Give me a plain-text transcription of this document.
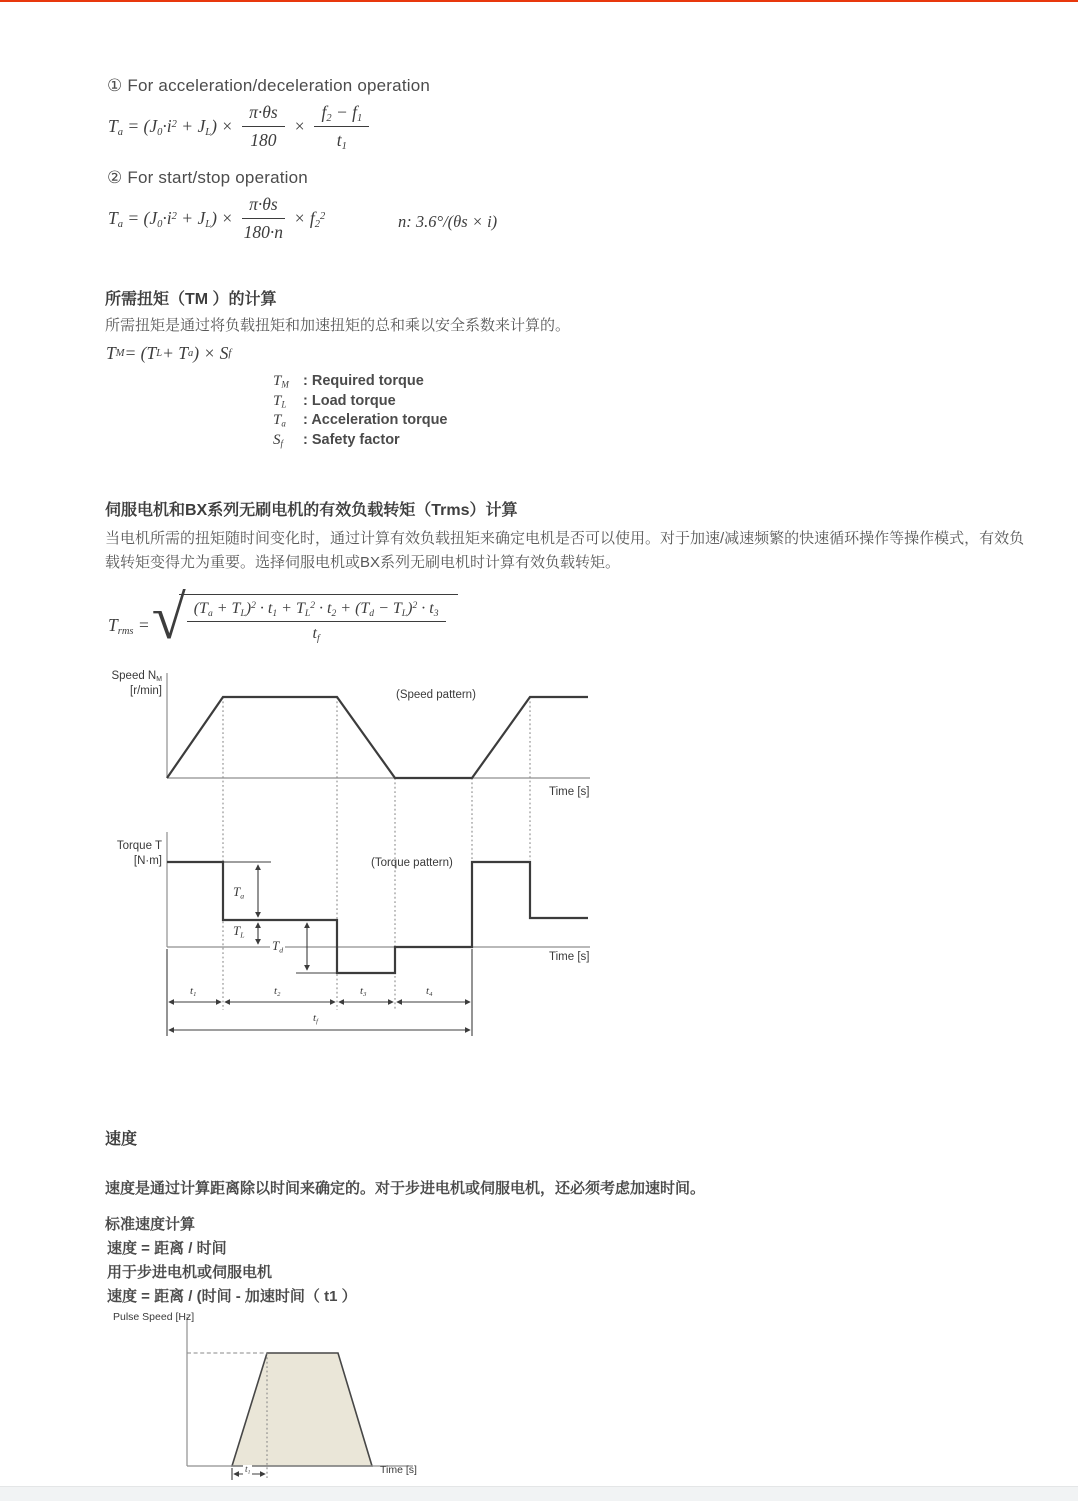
① For acceleration/deceleration operation
$T_a = (J_0\cdot i^2 + J_L) \times \frac{\pi\cdot\theta s}{180} \times \frac{f_2 - f_1}{t_1}$
② For start/stop operation
$T_a = (J_0\cdot i^2 + J_L) \times \frac{\pi\cdot\theta s}{180\cdot n} \times f_2^2$	n: 3.6°/(θs × i)
所需扭矩（TM ）的计算
所需扭矩是通过将负载扭矩和加速扭矩的总和乘以安全系数来计算的。
T M = (T L + T a ) × S f
$T_M$ : Required torque
$T_L$	: Load torque
$T_a$	: Acceleration torque
$S_f$	: Safety factor
伺服电机和BX系列无刷电机的有效负载转矩（Trms）计算
当电机所需的扭矩随时间变化时，通过计算有效负载扭矩来确定电机是否可以使用。对于加速/减速频繁的快速循环操作等操作模式，有效负
载转矩变得尤为重要。选择伺服电机或BX系列无刷电机时计算有效负载转矩。
$T_{rms}$ = √ $\frac{(T_a + T_L)^2 \cdot t_1 + T_L^2 \cdot t_2 + (T_d - T_L)^2 \cdot t_3}{t_f}$
Speed $N_M$
[r/min]	(Speed pattern)
Time [s]
Torque T
[N·m]	(Torque pattern)
Time [s]
$T_a$
$T_L$
$T_d$
$t_1$	$t_2$	$t_3$	$t_4$
$t_f$
速度
速度是通过计算距离除以时间来确定的。对于步进电机或伺服电机，还必须考虑加速时间。
标准速度计算
速度 = 距离 / 时间
用于步进电机或伺服电机
速度 = 距离 / (时间 - 加速时间（ t1 ）
Pulse Speed [Hz]
Time [s]
$t_1$
